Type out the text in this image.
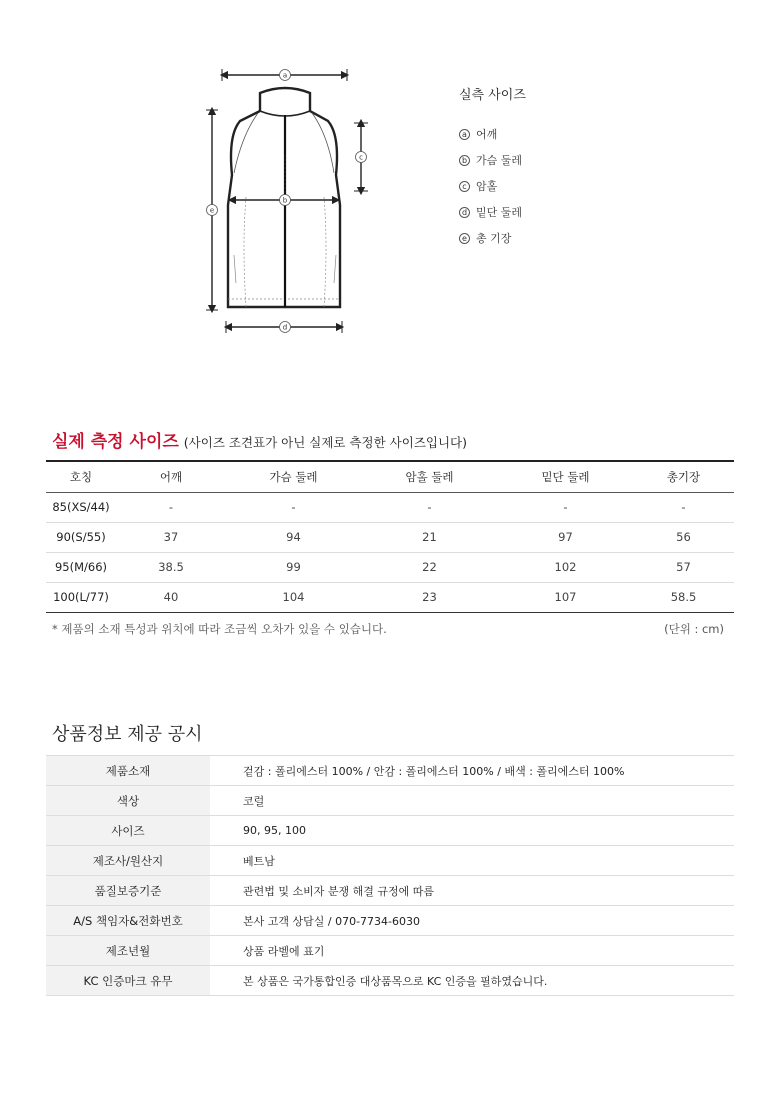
a
b
c
d
e
실측 사이즈
a 어깨
b 가슴 둘레
c 암홀
d 밑단 둘레
e 총 기장
실제 측정 사이즈 (사이즈 조견표가 아닌 실제로 측정한 사이즈입니다)
호칭	어깨	가슴 둘레	암홀 둘레	밑단 둘레	총기장
85(XS/44)	-	-	-	-	-
90(S/55)	37	94	21	97	56
95(M/66)	38.5	99	22	102	57
100(L/77)	40	104	23	107	58.5
* 제품의 소재 특성과 위치에 따라 조금씩 오차가 있을 수 있습니다.	(단위 : cm)
상품정보 제공 공시
제품소재	겉감 : 폴리에스터 100% / 안감 : 폴리에스터 100% / 배색 : 폴리에스터 100%
색상	코럴
사이즈	90, 95, 100
제조사/원산지	베트남
품질보증기준	관련법 및 소비자 분쟁 해결 규정에 따름
A/S 책임자&전화번호	본사 고객 상담실 / 070-7734-6030
제조년월	상품 라벨에 표기
KC 인증마크 유무	본 상품은 국가통합인증 대상품목으로 KC 인증을 필하였습니다.
